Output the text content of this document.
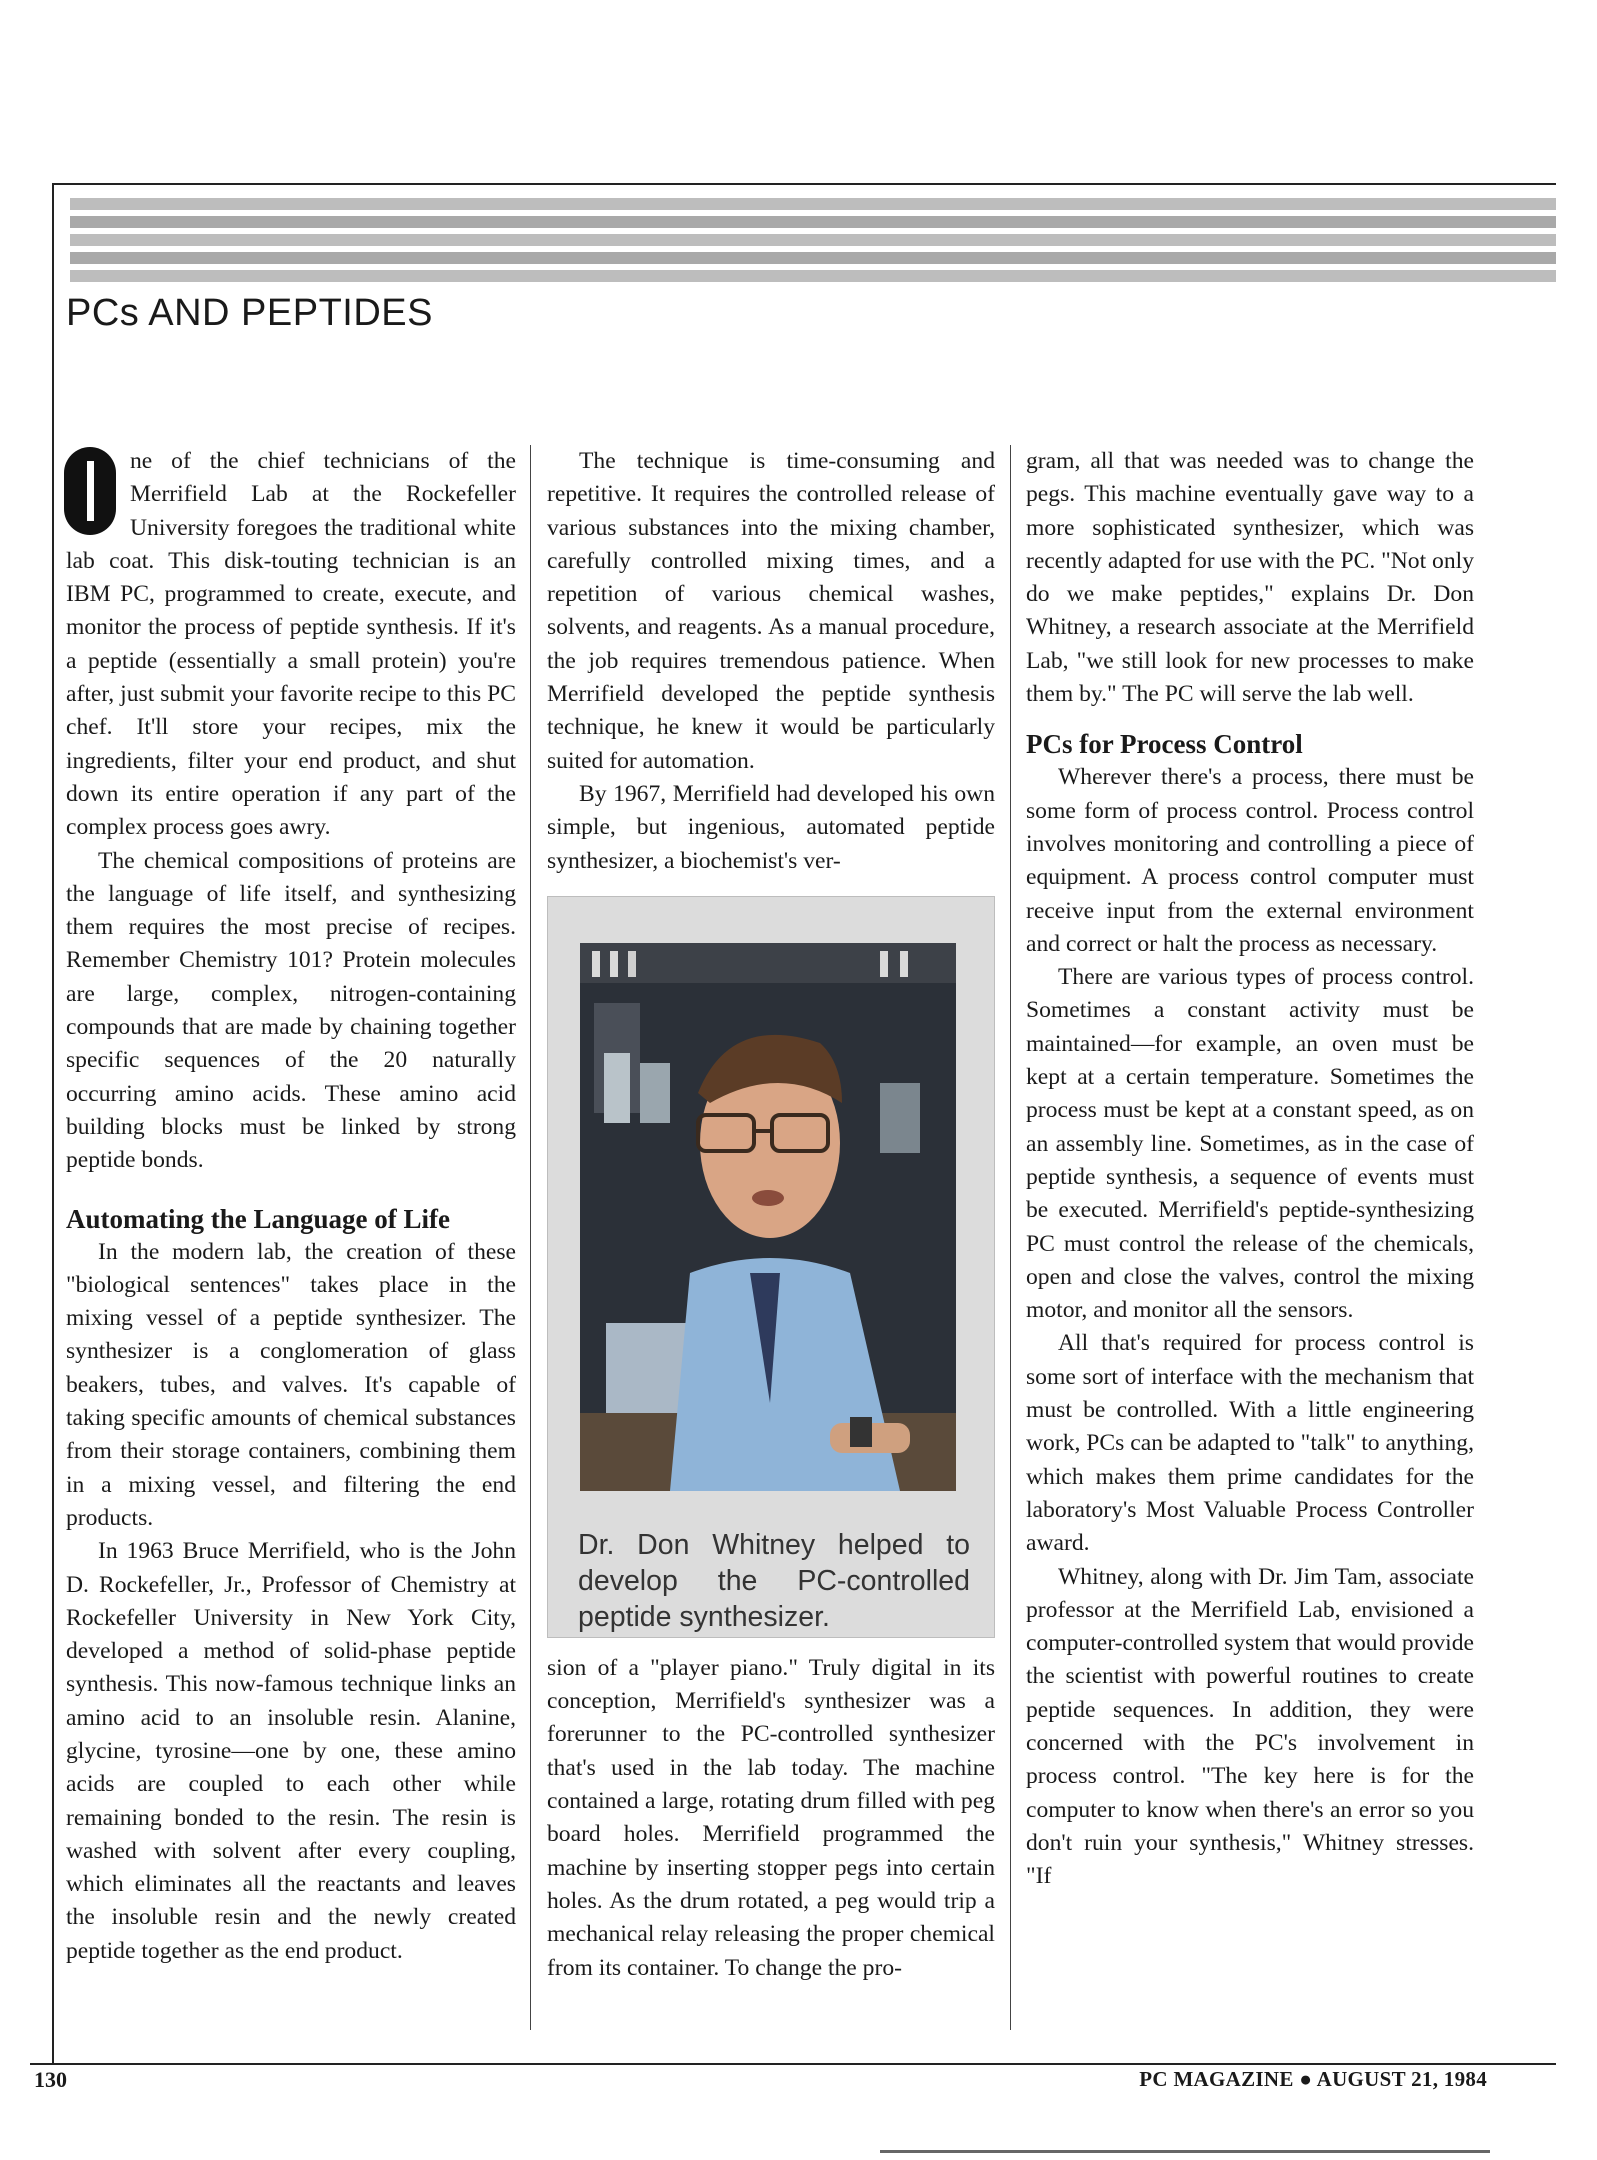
PCs AND PEPTIDES

ne of the chief technicians of the Merrifield Lab at the Rockefeller University foregoes the traditional white lab coat. This disk-touting technician is an IBM PC, programmed to create, execute, and monitor the process of peptide synthesis. If it's a peptide (essentially a small protein) you're after, just submit your favorite recipe to this PC chef. It'll store your recipes, mix the ingredients, filter your end product, and shut down its entire operation if any part of the complex process goes awry.

The chemical compositions of proteins are the language of life itself, and synthesizing them requires the most precise of recipes. Remember Chemistry 101? Protein molecules are large, complex, nitrogen-containing compounds that are made by chaining together specific sequences of the 20 naturally occurring amino acids. These amino acid building blocks must be linked by strong peptide bonds.

Automating the Language of Life

In the modern lab, the creation of these "biological sentences" takes place in the mixing vessel of a peptide synthesizer. The synthesizer is a conglomeration of glass beakers, tubes, and valves. It's capable of taking specific amounts of chemical substances from their storage containers, combining them in a mixing vessel, and filtering the end products.

In 1963 Bruce Merrifield, who is the John D. Rockefeller, Jr., Professor of Chemistry at Rockefeller University in New York City, developed a method of solid-phase peptide synthesis. This now-famous technique links an amino acid to an insoluble resin. Alanine, glycine, tyrosine—one by one, these amino acids are coupled to each other while remaining bonded to the resin. The resin is washed with solvent after every coupling, which eliminates all the reactants and leaves the insoluble resin and the newly created peptide together as the end product.

The technique is time-consuming and repetitive. It requires the controlled release of various substances into the mixing chamber, carefully controlled mixing times, and a repetition of various chemical washes, solvents, and reagents. As a manual procedure, the job requires tremendous patience. When Merrifield developed the peptide synthesis technique, he knew it would be particularly suited for automation.

By 1967, Merrifield had developed his own simple, but ingenious, automated peptide synthesizer, a biochemist's ver-

Dr. Don Whitney helped to develop the PC-controlled peptide synthesizer.

sion of a "player piano." Truly digital in its conception, Merrifield's synthesizer was a forerunner to the PC-controlled synthesizer that's used in the lab today. The machine contained a large, rotating drum filled with peg board holes. Merrifield programmed the machine by inserting stopper pegs into certain holes. As the drum rotated, a peg would trip a mechanical relay releasing the proper chemical from its container. To change the pro-

gram, all that was needed was to change the pegs. This machine eventually gave way to a more sophisticated synthesizer, which was recently adapted for use with the PC. "Not only do we make peptides," explains Dr. Don Whitney, a research associate at the Merrifield Lab, "we still look for new processes to make them by." The PC will serve the lab well.

PCs for Process Control

Wherever there's a process, there must be some form of process control. Process control involves monitoring and controlling a piece of equipment. A process control computer must receive input from the external environment and correct or halt the process as necessary.

There are various types of process control. Sometimes a constant activity must be maintained—for example, an oven must be kept at a certain temperature. Sometimes the process must be kept at a constant speed, as on an assembly line. Sometimes, as in the case of peptide synthesis, a sequence of events must be executed. Merrifield's peptide-synthesizing PC must control the release of the chemicals, open and close the valves, control the mixing motor, and monitor all the sensors.

All that's required for process control is some sort of interface with the mechanism that must be controlled. With a little engineering work, PCs can be adapted to "talk" to anything, which makes them prime candidates for the laboratory's Most Valuable Process Controller award.

Whitney, along with Dr. Jim Tam, associate professor at the Merrifield Lab, envisioned a computer-controlled system that would provide the scientist with powerful routines to create peptide sequences. In addition, they were concerned with the PC's involvement in process control. "The key here is for the computer to know when there's an error so you don't ruin your synthesis," Whitney stresses. "If

130	PC MAGAZINE ● AUGUST 21, 1984
